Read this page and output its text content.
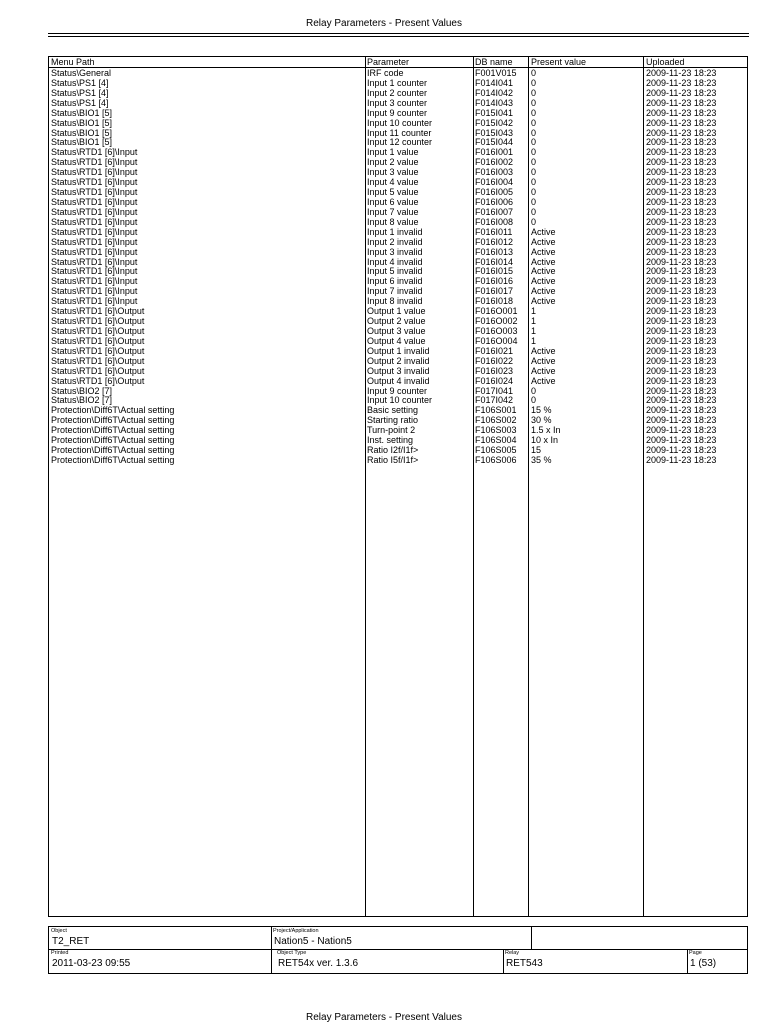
Relay Parameters - Present Values
Menu Path	Parameter	DB name	Present value	Uploaded
Status\General	IRF code	F001V015	0	2009-11-23 18:23
Status\PS1 [4]	Input 1 counter	F014I041	0	2009-11-23 18:23
Status\PS1 [4]	Input 2 counter	F014I042	0	2009-11-23 18:23
Status\PS1 [4]	Input 3 counter	F014I043	0	2009-11-23 18:23
Status\BIO1 [5]	Input 9 counter	F015I041	0	2009-11-23 18:23
Status\BIO1 [5]	Input 10 counter	F015I042	0	2009-11-23 18:23
Status\BIO1 [5]	Input 11 counter	F015I043	0	2009-11-23 18:23
Status\BIO1 [5]	Input 12 counter	F015I044	0	2009-11-23 18:23
Status\RTD1 [6]\Input	Input 1 value	F016I001	0	2009-11-23 18:23
Status\RTD1 [6]\Input	Input 2 value	F016I002	0	2009-11-23 18:23
Status\RTD1 [6]\Input	Input 3 value	F016I003	0	2009-11-23 18:23
Status\RTD1 [6]\Input	Input 4 value	F016I004	0	2009-11-23 18:23
Status\RTD1 [6]\Input	Input 5 value	F016I005	0	2009-11-23 18:23
Status\RTD1 [6]\Input	Input 6 value	F016I006	0	2009-11-23 18:23
Status\RTD1 [6]\Input	Input 7 value	F016I007	0	2009-11-23 18:23
Status\RTD1 [6]\Input	Input 8 value	F016I008	0	2009-11-23 18:23
Status\RTD1 [6]\Input	Input 1 invalid	F016I011	Active	2009-11-23 18:23
Status\RTD1 [6]\Input	Input 2 invalid	F016I012	Active	2009-11-23 18:23
Status\RTD1 [6]\Input	Input 3 invalid	F016I013	Active	2009-11-23 18:23
Status\RTD1 [6]\Input	Input 4 invalid	F016I014	Active	2009-11-23 18:23
Status\RTD1 [6]\Input	Input 5 invalid	F016I015	Active	2009-11-23 18:23
Status\RTD1 [6]\Input	Input 6 invalid	F016I016	Active	2009-11-23 18:23
Status\RTD1 [6]\Input	Input 7 invalid	F016I017	Active	2009-11-23 18:23
Status\RTD1 [6]\Input	Input 8 invalid	F016I018	Active	2009-11-23 18:23
Status\RTD1 [6]\Output	Output 1 value	F016O001	1	2009-11-23 18:23
Status\RTD1 [6]\Output	Output 2 value	F016O002	1	2009-11-23 18:23
Status\RTD1 [6]\Output	Output 3 value	F016O003	1	2009-11-23 18:23
Status\RTD1 [6]\Output	Output 4 value	F016O004	1	2009-11-23 18:23
Status\RTD1 [6]\Output	Output 1 invalid	F016I021	Active	2009-11-23 18:23
Status\RTD1 [6]\Output	Output 2 invalid	F016I022	Active	2009-11-23 18:23
Status\RTD1 [6]\Output	Output 3 invalid	F016I023	Active	2009-11-23 18:23
Status\RTD1 [6]\Output	Output 4 invalid	F016I024	Active	2009-11-23 18:23
Status\BIO2 [7]	Input 9 counter	F017I041	0	2009-11-23 18:23
Status\BIO2 [7]	Input 10 counter	F017I042	0	2009-11-23 18:23
Protection\Diff6T\Actual setting	Basic setting	F106S001	15 %	2009-11-23 18:23
Protection\Diff6T\Actual setting	Starting ratio	F106S002	30 %	2009-11-23 18:23
Protection\Diff6T\Actual setting	Turn-point 2	F106S003	1.5 x In	2009-11-23 18:23
Protection\Diff6T\Actual setting	Inst. setting	F106S004	10 x In	2009-11-23 18:23
Protection\Diff6T\Actual setting	Ratio I2f/I1f>	F106S005	15	2009-11-23 18:23
Protection\Diff6T\Actual setting	Ratio I5f/I1f>	F106S006	35 %	2009-11-23 18:23
Object
T2_RET
Project/Application
Nation5 - Nation5
Printed
2011-03-23 09:55
Object Type
RET54x ver. 1.3.6
Relay
RET543
Page
1 (53)
Relay Parameters - Present Values
